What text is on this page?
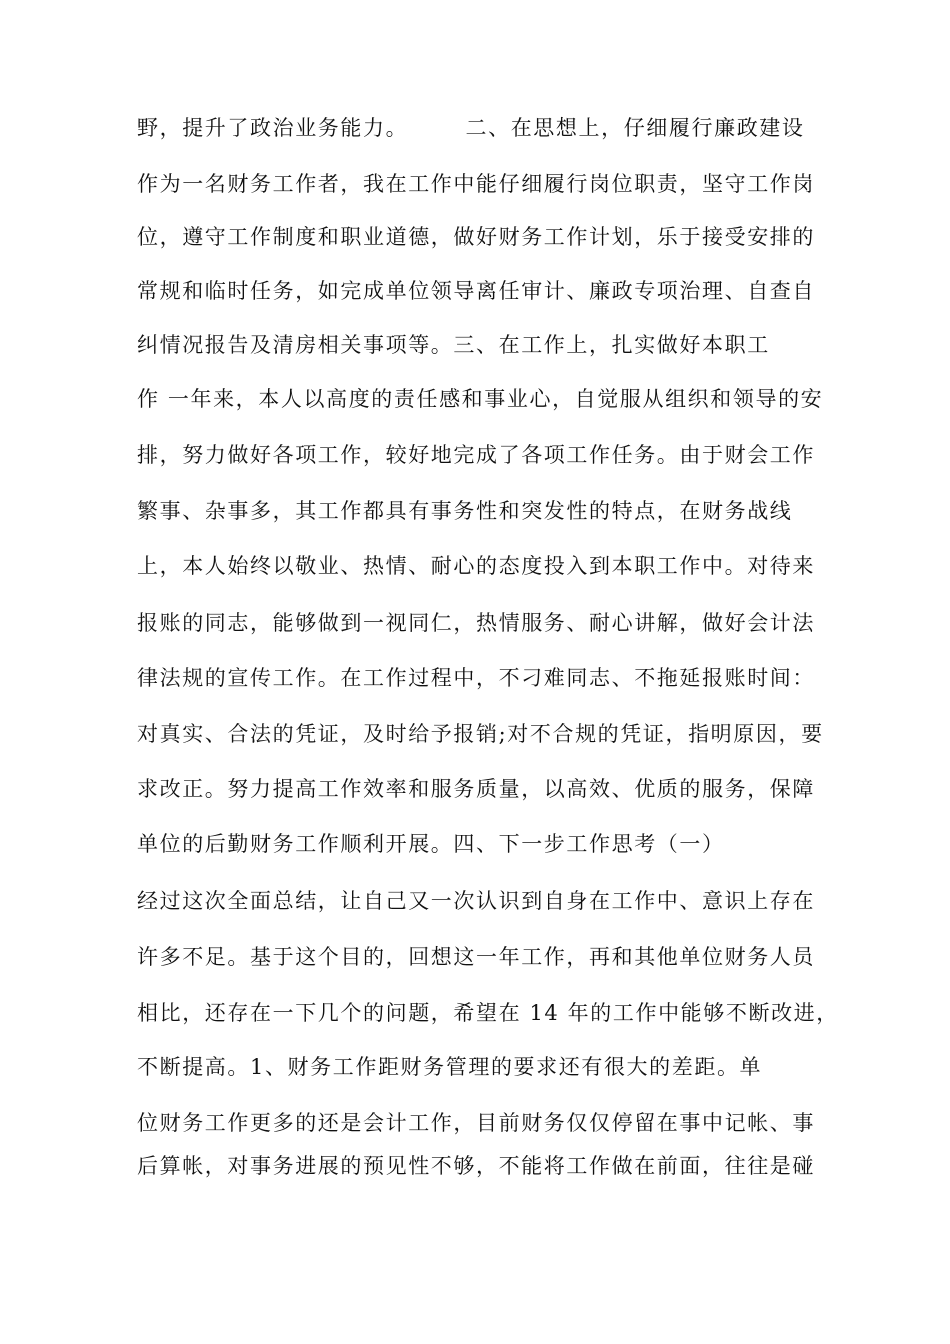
野，提升了政治业务能力。　　　二、在思想上，仔细履行廉政建设

作为一名财务工作者，我在工作中能仔细履行岗位职责，坚守工作岗

位，遵守工作制度和职业道德，做好财务工作计划，乐于接受安排的

常规和临时任务，如完成单位领导离任审计、廉政专项治理、自查自

纠情况报告及清房相关事项等。三、在工作上，扎实做好本职工

作 一年来，本人以高度的责任感和事业心，自觉服从组织和领导的安

排，努力做好各项工作，较好地完成了各项工作任务。由于财会工作

繁事、杂事多，其工作都具有事务性和突发性的特点，在财务战线

上，本人始终以敬业、热情、耐心的态度投入到本职工作中。对待来

报账的同志，能够做到一视同仁，热情服务、耐心讲解，做好会计法

律法规的宣传工作。在工作过程中，不刁难同志、不拖延报账时间：

对真实、合法的凭证，及时给予报销;对不合规的凭证，指明原因，要

求改正。努力提高工作效率和服务质量，以高效、优质的服务，保障

单位的后勤财务工作顺利开展。四、下一步工作思考（一）

经过这次全面总结，让自己又一次认识到自身在工作中、意识上存在

许多不足。基于这个目的，回想这一年工作，再和其他单位财务人员

相比，还存在一下几个的问题，希望在 14 年的工作中能够不断改进，

不断提高。1、财务工作距财务管理的要求还有很大的差距。单

位财务工作更多的还是会计工作，目前财务仅仅停留在事中记帐、事

后算帐，对事务进展的预见性不够，不能将工作做在前面，往往是碰
